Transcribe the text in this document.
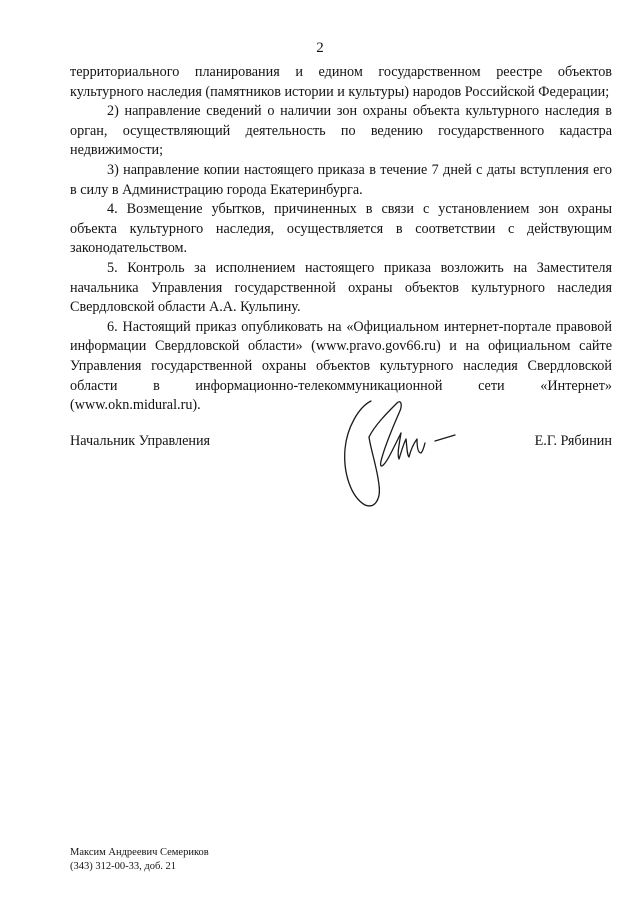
2

территориального планирования и едином государственном реестре объектов культурного наследия (памятников истории и культуры) народов Российской Федерации;

2) направление сведений о наличии зон охраны объекта культурного наследия в орган, осуществляющий деятельность по ведению государственного кадастра недвижимости;

3) направление копии настоящего приказа в течение 7 дней с даты вступления его в силу в Администрацию города Екатеринбурга.

4. Возмещение убытков, причиненных в связи с установлением зон охраны объекта культурного наследия, осуществляется в соответствии с действующим законодательством.

5. Контроль за исполнением настоящего приказа возложить на Заместителя начальника Управления государственной охраны объектов культурного наследия Свердловской области А.А. Кульпину.

6. Настоящий приказ опубликовать на «Официальном интернет-портале правовой информации Свердловской области» (www.pravo.gov66.ru) и на официальном сайте Управления государственной охраны объектов культурного наследия Свердловской области в информационно-телекоммуникационной сети «Интернет» (www.okn.midural.ru).

Начальник Управления	Е.Г. Рябинин
Максим Андреевич Семериков
(343) 312-00-33, доб. 21
